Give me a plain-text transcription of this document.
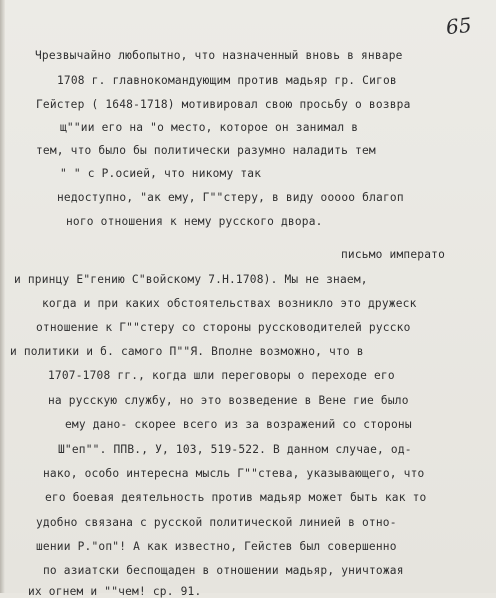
65
Чрезвычайно любопытно, что назначенный вновь в январе
1708 г. главнокомандующим против мадьяр гр. Сигов
Гейстер ( 1648-1718) мотивировал свою просьбу о возвра
щ""ии его на "о место, которое он занимал в
тем, что было бы политически разумно наладить тем
" " с Р.осией, что никому так
недоступно, "ак ему, Г""стеру, в виду ооооо благоп
ного отношения к нему русского двора.
письмо императо
и принцу Е"гению С"войскому 7.Н.1708). Мы не знаем,
когда и при каких обстоятельствах возникло это дружеск
отношение к Г""стеру со стороны руссководителей русско
и политики и б. самого П""Я. Вполне возможно, что в
1707-1708 гг., когда шли переговоры о переходе его
на русскую службу, но это возведение в Вене гие было
ему дано- скорее всего из за возражений со стороны
Ш"еп"". ППВ., У, 103, 519-522. В данном случае, од-
нако, особо интересна мысль Г""стева, указывающего, что
его боевая деятельность против мадьяр может быть как то
удобно связана с русской политической линией в отно-
шении Р."оп"! А как известно, Гейстев был совершенно
по азиатски беспощаден в отношении мадьяр, уничтожая
их огнем и ""чем! ср. 91.
